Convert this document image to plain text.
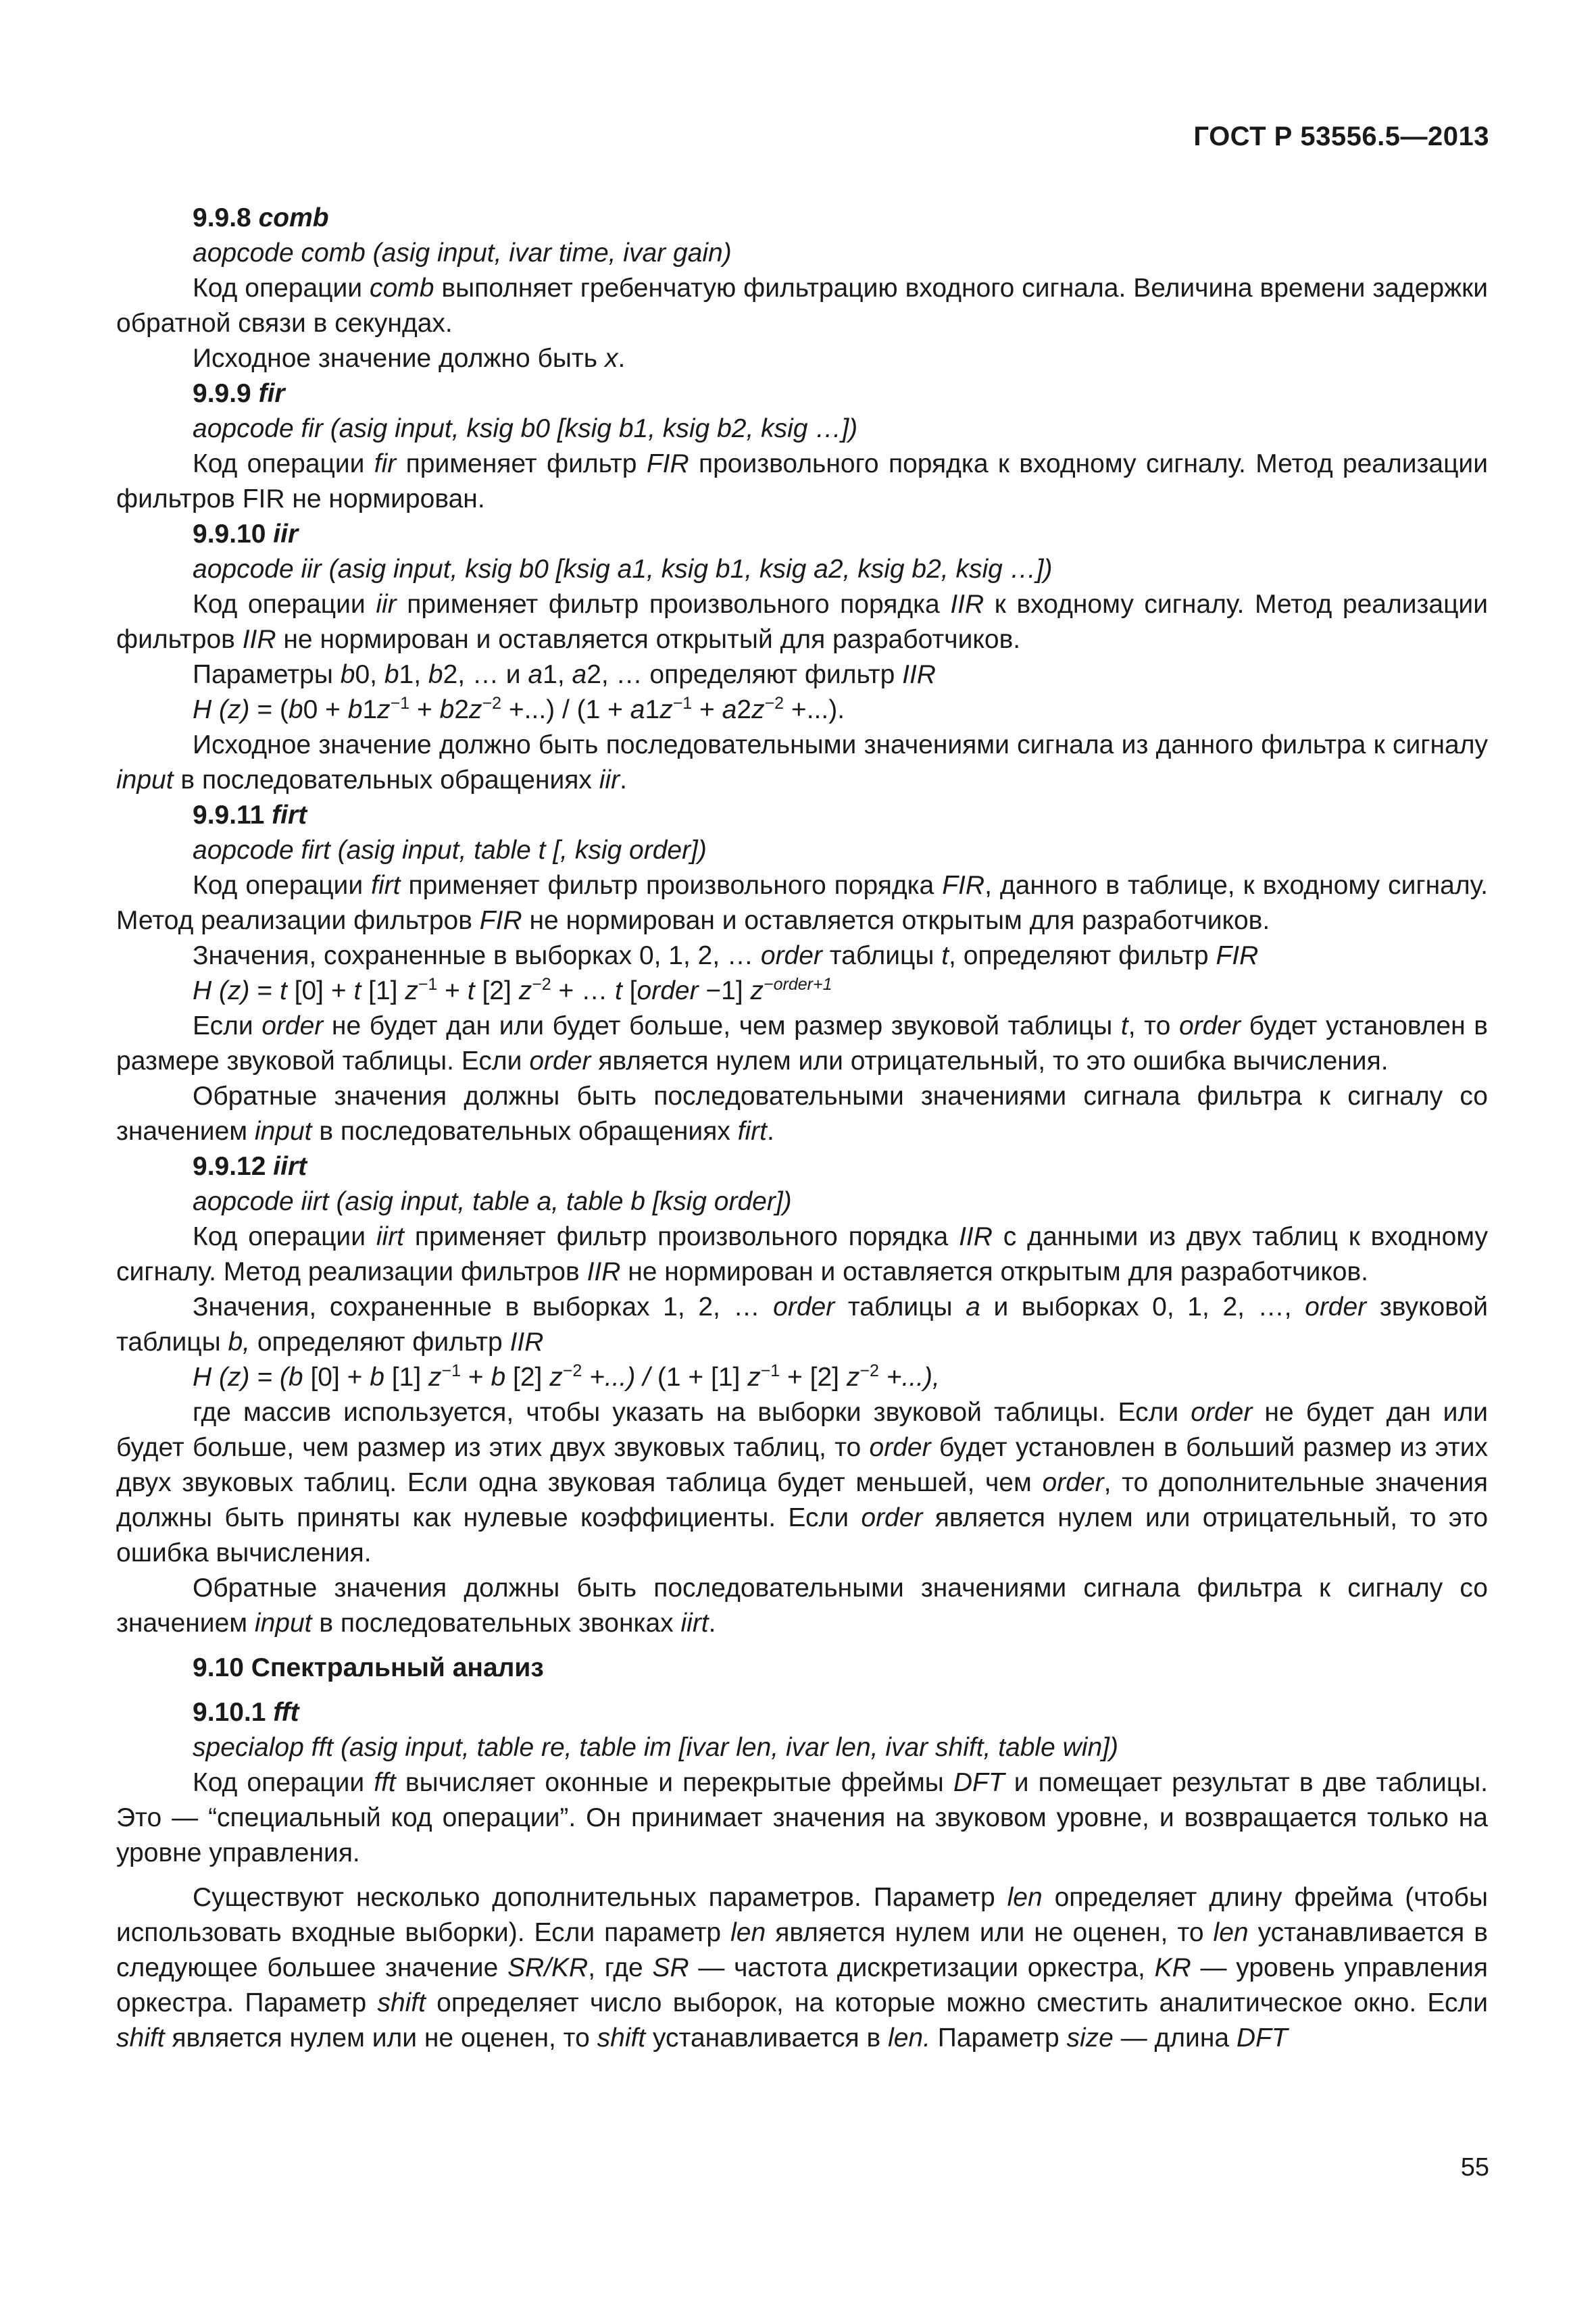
ГОСТ Р 53556.5—2013

9.9.8 comb

aopcode comb (asig input, ivar time, ivar gain)

Код операции comb выполняет гребенчатую фильтрацию входного сигнала. Величина времени задержки обратной связи в секундах.

Исходное значение должно быть x.

9.9.9 fir

aopcode fir (asig input, ksig b0 [ksig b1, ksig b2, ksig …])

Код операции fir применяет фильтр FIR произвольного порядка к входному сигналу. Метод реализации фильтров FIR не нормирован.

9.9.10 iir

aopcode iir (asig input, ksig b0 [ksig a1, ksig b1, ksig a2, ksig b2, ksig …])

Код операции iir применяет фильтр произвольного порядка IIR к входному сигналу. Метод реализации фильтров IIR не нормирован и оставляется открытый для разработчиков.

Параметры b0, b1, b2, … и a1, a2, … определяют фильтр IIR

H $(z) = (b0 + b1z^{-1} + b2z^{-2}$ +...) / ($1 + a1z^{-1} + a2z^{-2}$ +...).

Исходное значение должно быть последовательными значениями сигнала из данного фильтра к сигналу input в последовательных обращениях iir.

9.9.11 firt

aopcode firt (asig input, table t [, ksig order])

Код операции firt применяет фильтр произвольного порядка FIR, данного в таблице, к входному сигналу. Метод реализации фильтров FIR не нормирован и оставляется открытым для разработчиков.

Значения, сохраненные в выборках 0, 1, 2, … order таблицы t, определяют фильтр FIR

H (z) = t [0] + t [1] $z^{-1} + t$ [2] $z^{-2}$ + … t [order −1] $z^{-order+1}$

Если order не будет дан или будет больше, чем размер звуковой таблицы t, то order будет установлен в размере звуковой таблицы. Если order является нулем или отрицательный, то это ошибка вычисления.

Обратные значения должны быть последовательными значениями сигнала фильтра к сигналу со значением input в последовательных обращениях firt.

9.9.12 iirt

aopcode iirt (asig input, table a, table b [ksig order])

Код операции iirt применяет фильтр произвольного порядка IIR с данными из двух таблиц к входному сигналу. Метод реализации фильтров IIR не нормирован и оставляется открытым для разработчиков.

Значения, сохраненные в выборках 1, 2, … order таблицы a и выборках 0, 1, 2, …, order звуковой таблицы b, определяют фильтр IIR

H (z) = (b [0] + b [1] $z^{-1} + b$ [2] $z^{-2}$ +...) / (1 + [1] $z^{-1} + [2]$ $z^{-2}$ +...),

где массив используется, чтобы указать на выборки звуковой таблицы. Если order не будет дан или будет больше, чем размер из этих двух звуковых таблиц, то order будет установлен в больший размер из этих двух звуковых таблиц. Если одна звуковая таблица будет меньшей, чем order, то дополнительные значения должны быть приняты как нулевые коэффициенты. Если order является нулем или отрицательный, то это ошибка вычисления.

Обратные значения должны быть последовательными значениями сигнала фильтра к сигналу со значением input в последовательных звонках iirt.

9.10 Спектральный анализ

9.10.1 fft

specialop fft (asig input, table re, table im [ivar len, ivar len, ivar shift, table win])

Код операции fft вычисляет оконные и перекрытые фреймы DFT и помещает результат в две таблицы. Это — “специальный код операции”. Он принимает значения на звуковом уровне, и возвращается только на уровне управления.

Существуют несколько дополнительных параметров. Параметр len определяет длину фрейма (чтобы использовать входные выборки). Если параметр len является нулем или не оценен, то len устанавливается в следующее большее значение SR/KR, где SR — частота дискретизации оркестра, KR — уровень управления оркестра. Параметр shift определяет число выборок, на которые можно сместить аналитическое окно. Если shift является нулем или не оценен, то shift устанавливается в len. Параметр size — длина DFT

55
